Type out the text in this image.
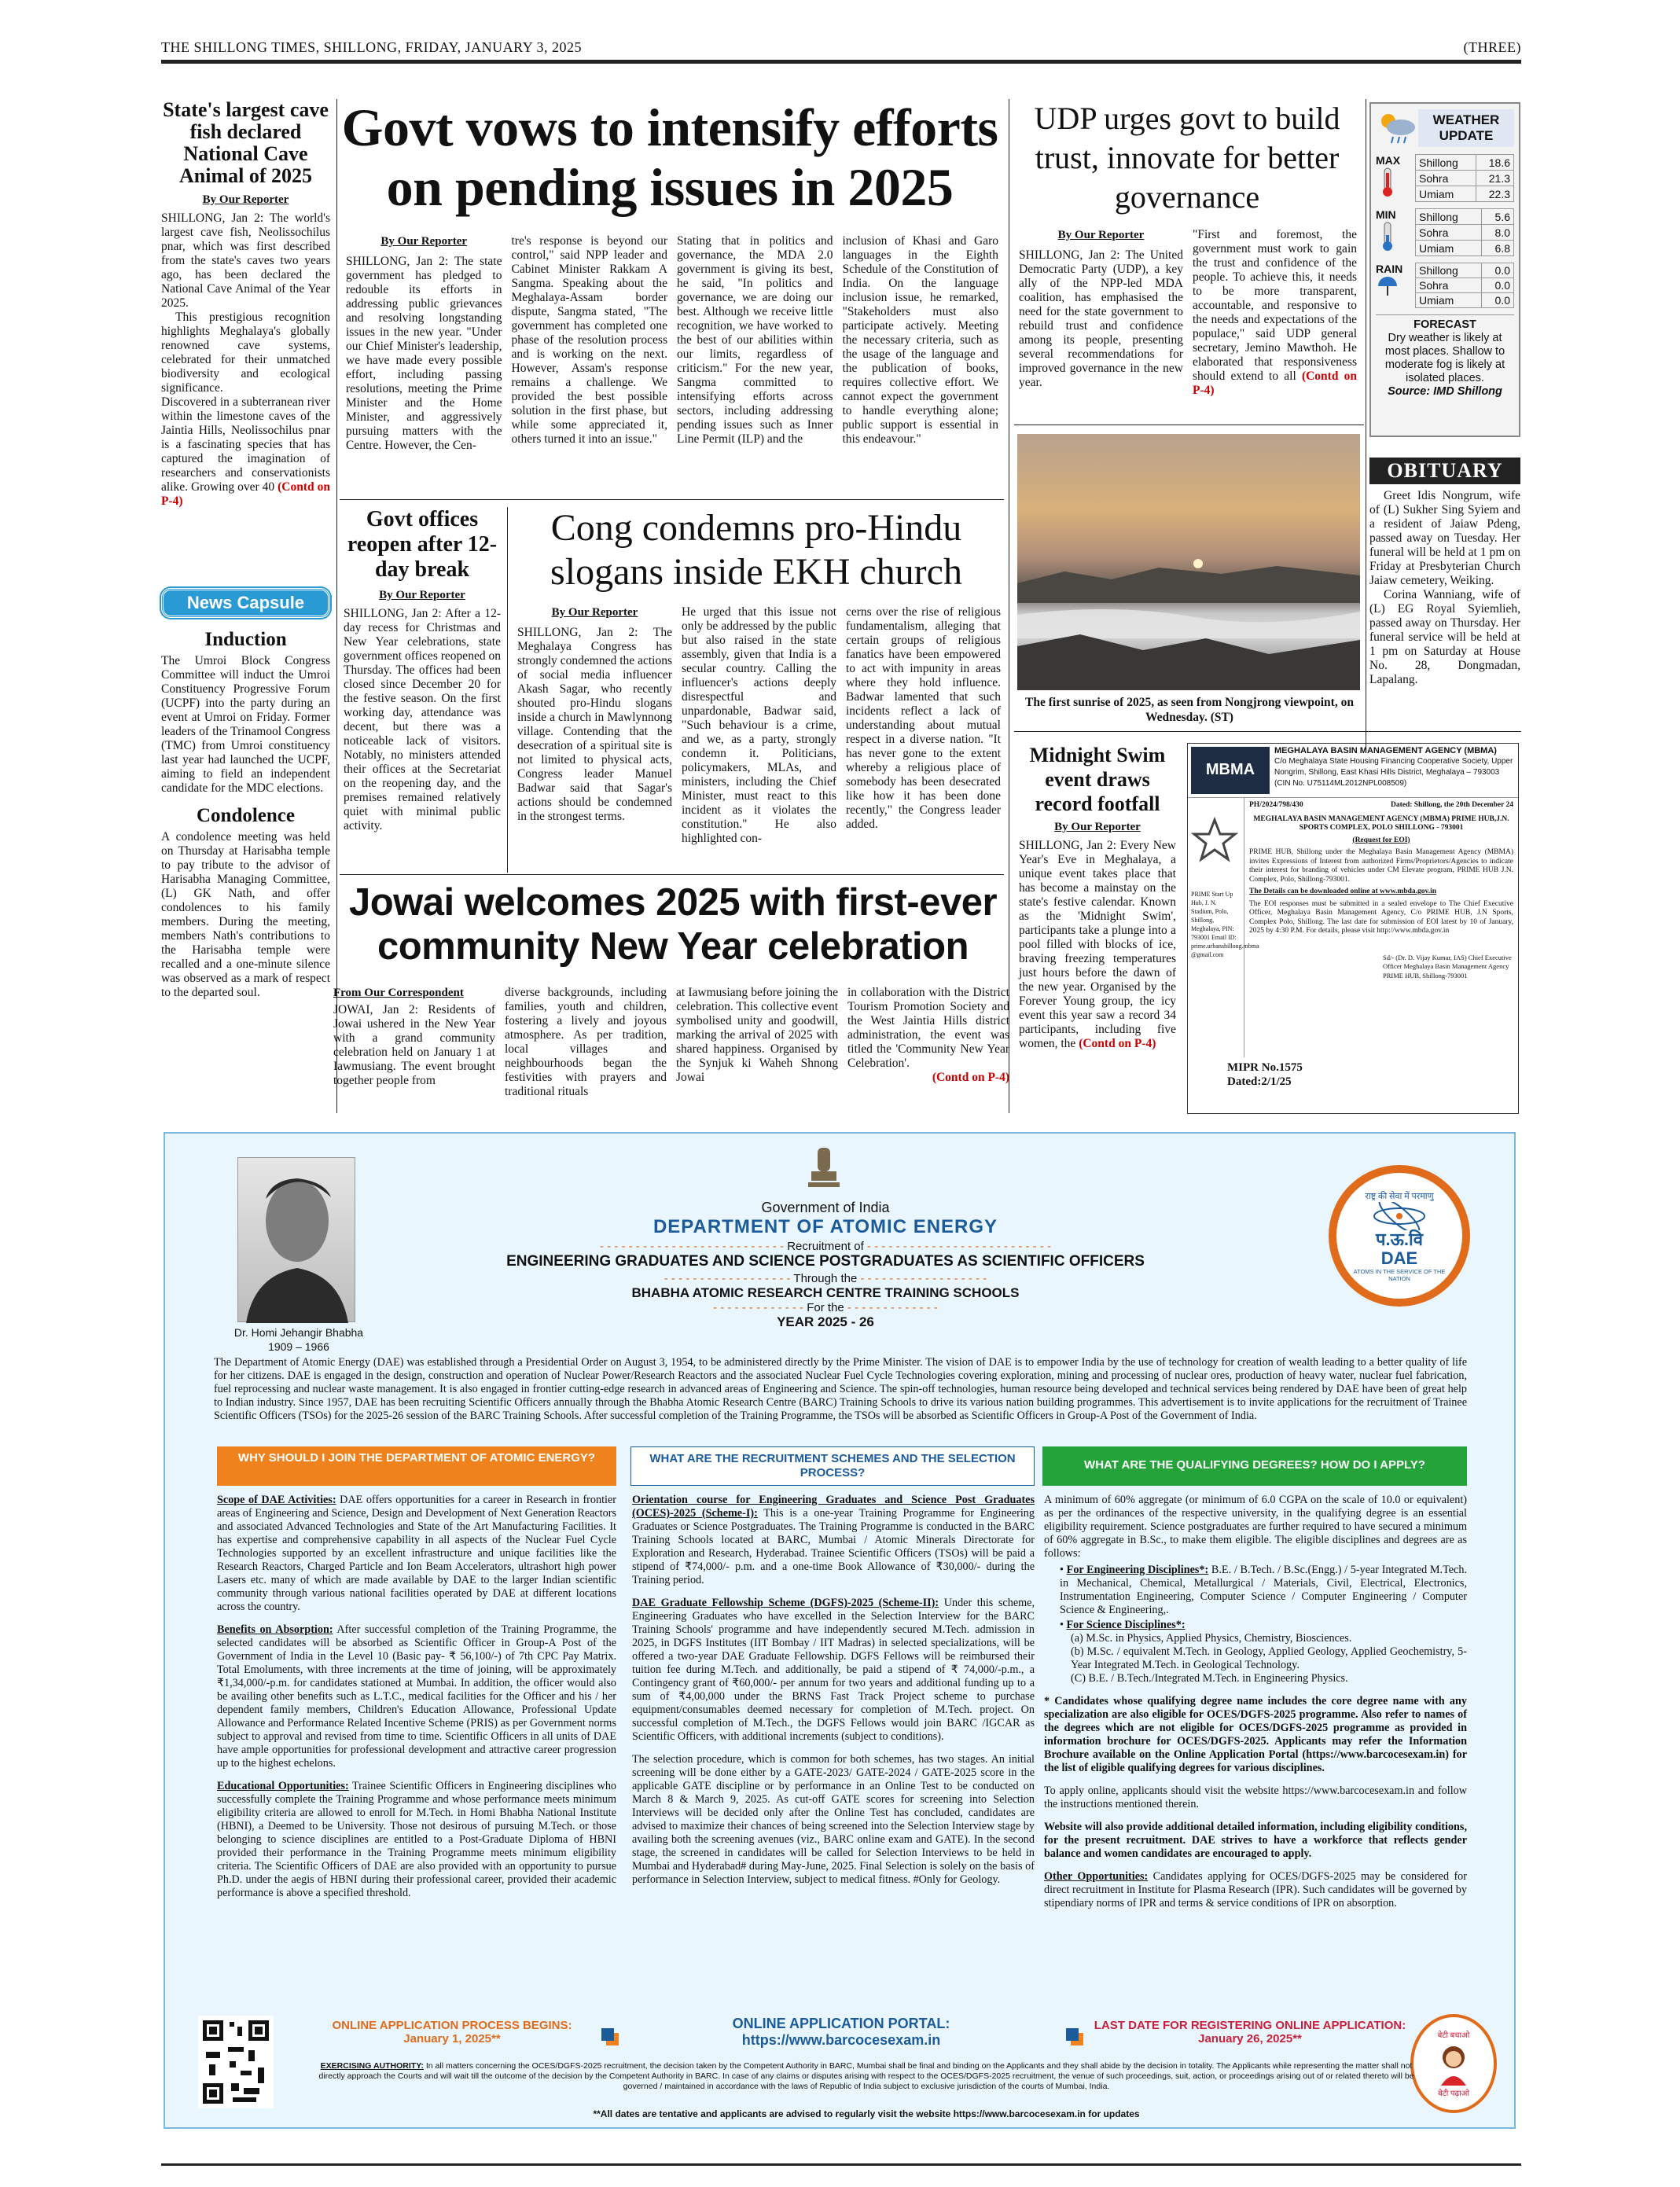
THE SHILLONG TIMES, SHILLONG, FRIDAY, JANUARY 3, 2025	(THREE)
State's largest cave fish declared National Cave Animal of 2025
By Our Reporter

SHILLONG, Jan 2: The world's largest cave fish, Neolissochilus pnar, which was first described from the state's caves two years ago, has been declared the National Cave Animal of the Year 2025.

This prestigious recognition highlights Meghalaya's globally renowned cave systems, celebrated for their unmatched biodiversity and ecological significance.

Discovered in a subterranean river within the limestone caves of the Jaintia Hills, Neolissochilus pnar is a fascinating species that has captured the imagination of researchers and conservationists alike. Growing over 40 (Contd on P-4)
Govt vows to intensify efforts on pending issues in 2025
By Our Reporter

SHILLONG, Jan 2: The state government has pledged to redouble its efforts in addressing public grievances and resolving longstanding issues in the new year. "Under our Chief Minister's leadership, we have made every possible effort, including passing resolutions, meeting the Prime Minister and the Home Minister, and aggressively pursuing matters with the Centre. However, the Cen-

tre's response is beyond our control," said NPP leader and Cabinet Minister Rakkam A Sangma. Speaking about the Meghalaya-Assam border dispute, Sangma stated, "The government has completed one phase of the resolution process and is working on the next. However, Assam's response remains a challenge. We provided the best possible solution in the first phase, but while some appreciated it, others turned it into an issue."

Stating that in politics and governance, the MDA 2.0 government is giving its best, he said, "In politics and governance, we are doing our best. Although we receive little recognition, we have worked to the best of our abilities within our limits, regardless of criticism." For the new year, Sangma committed to intensifying efforts across sectors, including addressing pending issues such as Inner Line Permit (ILP) and the

inclusion of Khasi and Garo languages in the Eighth Schedule of the Constitution of India. On the language inclusion issue, he remarked, "Stakeholders must also participate actively. Meeting the necessary criteria, such as the usage of the language and the publication of books, requires collective effort. We cannot expect the government to handle everything alone; public support is essential in this endeavour."

UDP urges govt to build trust, innovate for better governance
By Our Reporter

SHILLONG, Jan 2: The United Democratic Party (UDP), a key ally of the NPP-led MDA coalition, has emphasised the need for the state government to rebuild trust and confidence among its people, presenting several recommendations for improved governance in the new year.

"First and foremost, the government must work to gain the trust and confidence of the people. To achieve this, it needs to be more transparent, accountable, and responsive to the needs and expectations of the populace," said UDP general secretary, Jemino Mawthoh. He elaborated that responsiveness should extend to all (Contd on P-4)
WEATHER UPDATE
MAX	Shillong	18.6
Sohra	21.3
Umiam	22.3
MIN	Shillong	5.6
Sohra	8.0
Umiam	6.8
RAIN	Shillong	0.0
Sohra	0.0
Umiam	0.0
FORECAST
Dry weather is likely at most places. Shallow to moderate fog is likely at isolated places.
Source: IMD Shillong
OBITUARY

Greet Idis Nongrum, wife of (L) Sukher Sing Syiem and a resident of Jaiaw Pdeng, passed away on Tuesday. Her funeral will be held at 1 pm on Friday at Presbyterian Church Jaiaw cemetery, Weiking.

Corina Wanniang, wife of (L) EG Royal Syiemlieh, passed away on Thursday. Her funeral service will be held at 1 pm on Saturday at House No. 28, Dongmadan, Lapalang.

The first sunrise of 2025, as seen from Nongjrong viewpoint, on Wednesday. (ST)
Govt offices reopen after 12-day break
By Our Reporter
SHILLONG, Jan 2: After a 12-day recess for Christmas and New Year celebrations, state government offices reopened on Thursday. The offices had been closed since December 20 for the festive season. On the first working day, attendance was decent, but there was a noticeable lack of visitors. Notably, no ministers attended their offices at the Secretariat on the reopening day, and the premises remained relatively quiet with minimal public activity.
News Capsule
Induction
The Umroi Block Congress Committee will induct the Umroi Constituency Progressive Forum (UCPF) into the party during an event at Umroi on Friday. Former leaders of the Trinamool Congress (TMC) from Umroi constituency last year had launched the UCPF, aiming to field an independent candidate for the MDC elections.
Condolence
A condolence meeting was held on Thursday at Harisabha temple to pay tribute to the advisor of Harisabha Managing Committee, (L) GK Nath, and offer condolences to his family members. During the meeting, members Nath's contributions to the Harisabha temple were recalled and a one-minute silence was observed as a mark of respect to the departed soul.
Cong condemns pro-Hindu slogans inside EKH church
By Our Reporter

SHILLONG, Jan 2: The Meghalaya Congress has strongly condemned the actions of social media influencer Akash Sagar, who recently shouted pro-Hindu slogans inside a church in Mawlynnong village. Contending that the desecration of a spiritual site is not limited to physical acts, Congress leader Manuel Badwar said that Sagar's actions should be condemned in the strongest terms.

He urged that this issue not only be addressed by the public but also raised in the state assembly, given that India is a secular country. Calling the influencer's actions deeply disrespectful and unpardonable, Badwar said, "Such behaviour is a crime, and we, as a party, strongly condemn it. Politicians, policymakers, MLAs, and ministers, including the Chief Minister, must react to this incident as it violates the constitution." He also highlighted con-

cerns over the rise of religious fundamentalism, alleging that certain groups of religious fanatics have been empowered to act with impunity in areas where they hold influence. Badwar lamented that such incidents reflect a lack of understanding about mutual respect in a diverse nation. "It has never gone to the extent whereby a religious place of somebody has been desecrated like how it has been done recently," the Congress leader added.

Midnight Swim event draws record footfall
By Our Reporter
SHILLONG, Jan 2: Every New Year's Eve in Meghalaya, a unique event takes place that has become a mainstay on the state's festive calendar. Known as the 'Midnight Swim', participants take a plunge into a pool filled with blocks of ice, braving freezing temperatures just hours before the dawn of the new year. Organised by the Forever Young group, the icy event this year saw a record 34 participants, including five women, the (Contd on P-4)
MBMA
MEGHALAYA BASIN MANAGEMENT AGENCY (MBMA)
C/o Meghalaya State Housing Financing Cooperative Society, Upper Nongrim, Shillong, East Khasi Hills District, Meghalaya – 793003 (CIN No. U75114ML2012NPL008509)
PRIME Start Up Hub, J. N. Stadium, Polo, Shillong, Meghalaya, PIN: 793001 Email ID: prime.urbanshillong.mbma @gmail.com
PH/2024/798/430	Dated: Shillong, the 20th December 24
MEGHALAYA BASIN MANAGEMENT AGENCY (MBMA) PRIME HUB,J.N. SPORTS COMPLEX, POLO SHILLONG - 793001
(Request for EOI)
PRIME HUB, Shillong under the Meghalaya Basin Management Agency (MBMA) invites Expressions of Interest from authorized Firms/Proprietors/Agencies to indicate their interest for branding of vehicles under CM Elevate program, PRIME HUB J.N. Complex, Polo, Shillong-793001.
The Details can be downloaded online at www.mbda.gov.in
The EOI responses must be submitted in a sealed envelope to The Chief Executive Officer, Meghalaya Basin Management Agency, C/o PRIME HUB, J.N Sports, Complex Polo, Shillong. The last date for submission of EOI latest by 10 of January, 2025 by 4:30 P.M. For details, please visit http://www.mbda.gov.in
Sd/- (Dr. D. Vijay Kumar, IAS) Chief Executive Officer Meghalaya Basin Management Agency PRIME HUB, Shillong-793001
MIPR No.1575
Dated:2/1/25
Jowai welcomes 2025 with first-ever community New Year celebration
From Our Correspondent

JOWAI, Jan 2: Residents of Jowai ushered in the New Year with a grand community celebration held on January 1 at Iawmusiang. The event brought together people from

diverse backgrounds, including families, youth and children, fostering a lively and joyous atmosphere. As per tradition, local villages and neighbourhoods began the festivities with prayers and traditional rituals

at Iawmusiang before joining the celebration. This collective event symbolised unity and goodwill, marking the arrival of 2025 with shared happiness. Organised by the Synjuk ki Waheh Shnong Jowai

in collaboration with the District Tourism Promotion Society and the West Jaintia Hills district administration, the event was titled the 'Community New Year Celebration'.

(Contd on P-4)
Dr. Homi Jehangir Bhabha
1909 – 1966
Government of India
DEPARTMENT OF ATOMIC ENERGY
- - - - - - - - - - - - - - - - - - - - - - - - - - Recruitment of - - - - - - - - - - - - - - - - - - - - - - - - - -
ENGINEERING GRADUATES AND SCIENCE POSTGRADUATES AS SCIENTIFIC OFFICERS
- - - - - - - - - - - - - - - - - - Through the - - - - - - - - - - - - - - - - - -
BHABHA ATOMIC RESEARCH CENTRE TRAINING SCHOOLS
- - - - - - - - - - - - - For the - - - - - - - - - - - - -
YEAR 2025 - 26
राष्ट्र की सेवा में परमाणु
प.ऊ.वि DAE
ATOMS IN THE SERVICE OF THE NATION
The Department of Atomic Energy (DAE) was established through a Presidential Order on August 3, 1954, to be administered directly by the Prime Minister. The vision of DAE is to empower India by the use of technology for creation of wealth leading to a better quality of life for her citizens. DAE is engaged in the design, construction and operation of Nuclear Power/Research Reactors and the associated Nuclear Fuel Cycle Technologies covering exploration, mining and processing of nuclear ores, production of heavy water, nuclear fuel fabrication, fuel reprocessing and nuclear waste management. It is also engaged in frontier cutting-edge research in advanced areas of Engineering and Science. The spin-off technologies, human resource being developed and technical services being rendered by DAE have been of great help to Indian industry. Since 1957, DAE has been recruiting Scientific Officers annually through the Bhabha Atomic Research Centre (BARC) Training Schools to drive its various nation building programmes. This advertisement is to invite applications for the recruitment of Trainee Scientific Officers (TSOs) for the 2025-26 session of the BARC Training Schools. After successful completion of the Training Programme, the TSOs will be absorbed as Scientific Officers in Group-A Post of the Government of India.
WHY SHOULD I JOIN THE DEPARTMENT OF ATOMIC ENERGY?	WHAT ARE THE RECRUITMENT SCHEMES AND THE SELECTION PROCESS?
WHAT ARE THE QUALIFYING DEGREES? HOW DO I APPLY?

Scope of DAE Activities: DAE offers opportunities for a career in Research in frontier areas of Engineering and Science, Design and Development of Next Generation Reactors and associated Advanced Technologies and State of the Art Manufacturing Facilities. It has expertise and comprehensive capability in all aspects of the Nuclear Fuel Cycle Technologies supported by an excellent infrastructure and unique facilities like the Research Reactors, Charged Particle and Ion Beam Accelerators, ultrashort high power Lasers etc. many of which are made available by DAE to the larger Indian scientific community through various national facilities operated by DAE at different locations across the country.

Benefits on Absorption: After successful completion of the Training Programme, the selected candidates will be absorbed as Scientific Officer in Group-A Post of the Government of India in the Level 10 (Basic pay- ₹ 56,100/-) of 7th CPC Pay Matrix. Total Emoluments, with three increments at the time of joining, will be approximately ₹1,34,000/-p.m. for candidates stationed at Mumbai. In addition, the officer would also be availing other benefits such as L.T.C., medical facilities for the Officer and his / her dependent family members, Children's Education Allowance, Professional Update Allowance and Performance Related Incentive Scheme (PRIS) as per Government norms subject to approval and revised from time to time. Scientific Officers in all units of DAE have ample opportunities for professional development and attractive career progression up to the highest echelons.

Educational Opportunities: Trainee Scientific Officers in Engineering disciplines who successfully complete the Training Programme and whose performance meets minimum eligibility criteria are allowed to enroll for M.Tech. in Homi Bhabha National Institute (HBNI), a Deemed to be University. Those not desirous of pursuing M.Tech. or those belonging to science disciplines are entitled to a Post-Graduate Diploma of HBNI provided their performance in the Training Programme meets minimum eligibility criteria. The Scientific Officers of DAE are also provided with an opportunity to pursue Ph.D. under the aegis of HBNI during their professional career, provided their academic performance is above a specified threshold.

Orientation course for Engineering Graduates and Science Post Graduates (OCES)-2025 (Scheme-I): This is a one-year Training Programme for Engineering Graduates or Science Postgraduates. The Training Programme is conducted in the BARC Training Schools located at BARC, Mumbai / Atomic Minerals Directorate for Exploration and Research, Hyderabad. Trainee Scientific Officers (TSOs) will be paid a stipend of ₹74,000/- p.m. and a one-time Book Allowance of ₹30,000/- during the Training period.

DAE Graduate Fellowship Scheme (DGFS)-2025 (Scheme-II): Under this scheme, Engineering Graduates who have excelled in the Selection Interview for the BARC Training Schools' programme and have independently secured M.Tech. admission in 2025, in DGFS Institutes (IIT Bombay / IIT Madras) in selected specializations, will be offered a two-year DAE Graduate Fellowship. DGFS Fellows will be reimbursed their tuition fee during M.Tech. and additionally, be paid a stipend of ₹ 74,000/-p.m., a Contingency grant of ₹60,000/- per annum for two years and additional funding up to a sum of ₹4,00,000 under the BRNS Fast Track Project scheme to purchase equipment/consumables deemed necessary for completion of M.Tech. project. On successful completion of M.Tech., the DGFS Fellows would join BARC /IGCAR as Scientific Officers, with additional increments (subject to conditions).

The selection procedure, which is common for both schemes, has two stages. An initial screening will be done either by a GATE-2023/ GATE-2024 / GATE-2025 score in the applicable GATE discipline or by performance in an Online Test to be conducted on March 8 & March 9, 2025. As cut-off GATE scores for screening into Selection Interviews will be decided only after the Online Test has concluded, candidates are advised to maximize their chances of being screened into the Selection Interview stage by availing both the screening avenues (viz., BARC online exam and GATE). In the second stage, the screened in candidates will be called for Selection Interviews to be held in Mumbai and Hyderabad# during May-June, 2025. Final Selection is solely on the basis of performance in Selection Interview, subject to medical fitness. #Only for Geology.

A minimum of 60% aggregate (or minimum of 6.0 CGPA on the scale of 10.0 or equivalent) as per the ordinances of the respective university, in the qualifying degree is an essential eligibility requirement. Science postgraduates are further required to have secured a minimum of 60% aggregate in B.Sc., to make them eligible. The eligible disciplines and degrees are as follows:

• For Engineering Disciplines*: B.E. / B.Tech. / B.Sc.(Engg.) / 5-year Integrated M.Tech. in Mechanical, Chemical, Metallurgical / Materials, Civil, Electrical, Electronics, Instrumentation Engineering, Computer Science / Computer Engineering / Computer Science & Engineering,.

• For Science Disciplines*:

(a) M.Sc. in Physics, Applied Physics, Chemistry, Biosciences.

(b) M.Sc. / equivalent M.Tech. in Geology, Applied Geology, Applied Geochemistry, 5-Year Integrated M.Tech. in Geological Technology.

(C) B.E. / B.Tech./Integrated M.Tech. in Engineering Physics.

* Candidates whose qualifying degree name includes the core degree name with any specialization are also eligible for OCES/DGFS-2025 programme. Also refer to names of the degrees which are not eligible for OCES/DGFS-2025 programme as provided in information brochure for OCES/DGFS-2025. Applicants may refer the Information Brochure available on the Online Application Portal (https://www.barcocesexam.in) for the list of eligible qualifying degrees for various disciplines.

To apply online, applicants should visit the website https://www.barcocesexam.in and follow the instructions mentioned therein.

Website will also provide additional detailed information, including eligibility conditions, for the present recruitment. DAE strives to have a workforce that reflects gender balance and women candidates are encouraged to apply.

Other Opportunities: Candidates applying for OCES/DGFS-2025 may be considered for direct recruitment in Institute for Plasma Research (IPR). Such candidates will be governed by stipendiary norms of IPR and terms & service conditions of IPR on absorption.

ONLINE APPLICATION PROCESS BEGINS:
January 1, 2025**
ONLINE APPLICATION PORTAL:
https://www.barcocesexam.in
LAST DATE FOR REGISTERING ONLINE APPLICATION:
January 26, 2025**	बेटी बचाओ
बेटी पढ़ाओ
EXERCISING AUTHORITY: In all matters concerning the OCES/DGFS-2025 recruitment, the decision taken by the Competent Authority in BARC, Mumbai shall be final and binding on the Applicants and they shall abide by the decision in totality. The Applicants while representing the matter shall not directly approach the Courts and will wait till the outcome of the decision by the Competent Authority in BARC. In case of any claims or disputes arising with respect to the OCES/DGFS-2025 recruitment, the venue of such proceedings, suit, action, or proceedings arising out of or related thereto will be governed / maintained in accordance with the laws of Republic of India subject to exclusive jurisdiction of the courts of Mumbai, India.
**All dates are tentative and applicants are advised to regularly visit the website https://www.barcocesexam.in for updates
